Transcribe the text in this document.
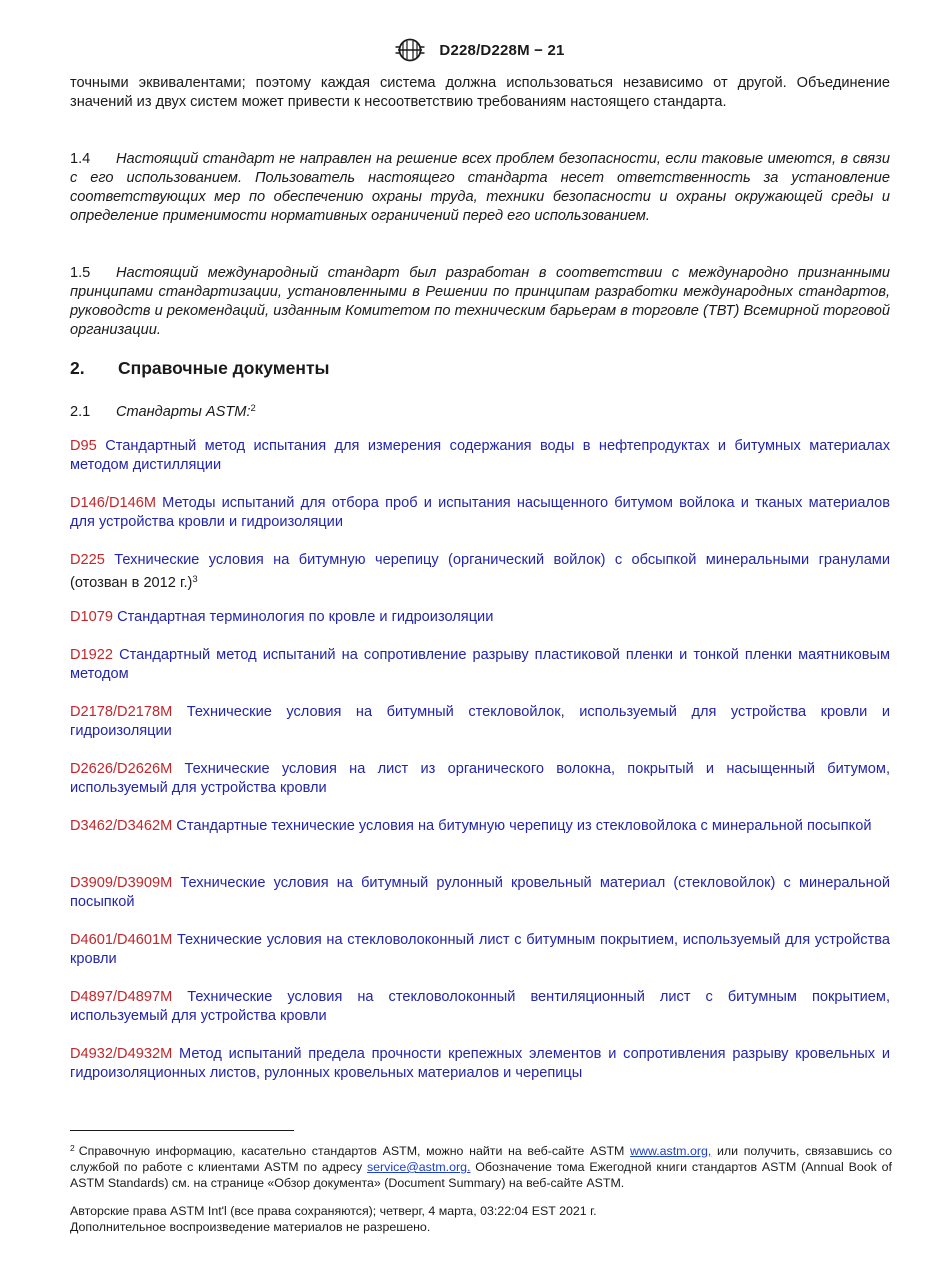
D228/D228M − 21
точными эквивалентами; поэтому каждая система должна использоваться независимо от другой. Объединение значений из двух систем может привести к несоответствию требованиям настоящего стандарта.
1.4 Настоящий стандарт не направлен на решение всех проблем безопасности, если таковые имеются, в связи с его использованием. Пользователь настоящего стандарта несет ответственность за установление соответствующих мер по обеспечению охраны труда, техники безопасности и охраны окружающей среды и определение применимости нормативных ограничений перед его использованием.
1.5 Настоящий международный стандарт был разработан в соответствии с международно признанными принципами стандартизации, установленными в Решении по принципам разработки международных стандартов, руководств и рекомендаций, изданным Комитетом по техническим барьерам в торговле (ТВТ) Всемирной торговой организации.
2. Справочные документы
2.1 Стандарты ASTM:$^2$
D95 Стандартный метод испытания для измерения содержания воды в нефтепродуктах и битумных материалах методом дистилляции
D146/D146M Методы испытаний для отбора проб и испытания насыщенного битумом войлока и тканых материалов для устройства кровли и гидроизоляции
D225 Технические условия на битумную черепицу (органический войлок) с обсыпкой минеральными гранулами (отозван в 2012 г.)$^3$
D1079 Стандартная терминология по кровле и гидроизоляции
D1922 Стандартный метод испытаний на сопротивление разрыву пластиковой пленки и тонкой пленки маятниковым методом
D2178/D2178M Технические условия на битумный стекловойлок, используемый для устройства кровли и гидроизоляции
D2626/D2626M Технические условия на лист из органического волокна, покрытый и насыщенный битумом, используемый для устройства кровли
D3462/D3462M Стандартные технические условия на битумную черепицу из стекловойлока с минеральной посыпкой
D3909/D3909M Технические условия на битумный рулонный кровельный материал (стекловойлок) с минеральной посыпкой
D4601/D4601M Технические условия на стекловолоконный лист с битумным покрытием, используемый для устройства кровли
D4897/D4897M Технические условия на стекловолоконный вентиляционный лист с битумным покрытием, используемый для устройства кровли
D4932/D4932M Метод испытаний предела прочности крепежных элементов и сопротивления разрыву кровельных и гидроизоляционных листов, рулонных кровельных материалов и черепицы
$^2$ Справочную информацию, касательно стандартов ASTM, можно найти на веб-сайте ASTM www.astm.org, или получить, связавшись со службой по работе с клиентами ASTM по адресу service@astm.org. Обозначение тома Ежегодной книги стандартов ASTM (Annual Book of ASTM Standards) см. на странице «Обзор документа» (Document Summary) на веб-сайте ASTM.
Авторские права ASTM Int'l (все права сохраняются); четверг, 4 марта, 03:22:04 EST 2021 г.
Дополнительное воспроизведение материалов не разрешено.
